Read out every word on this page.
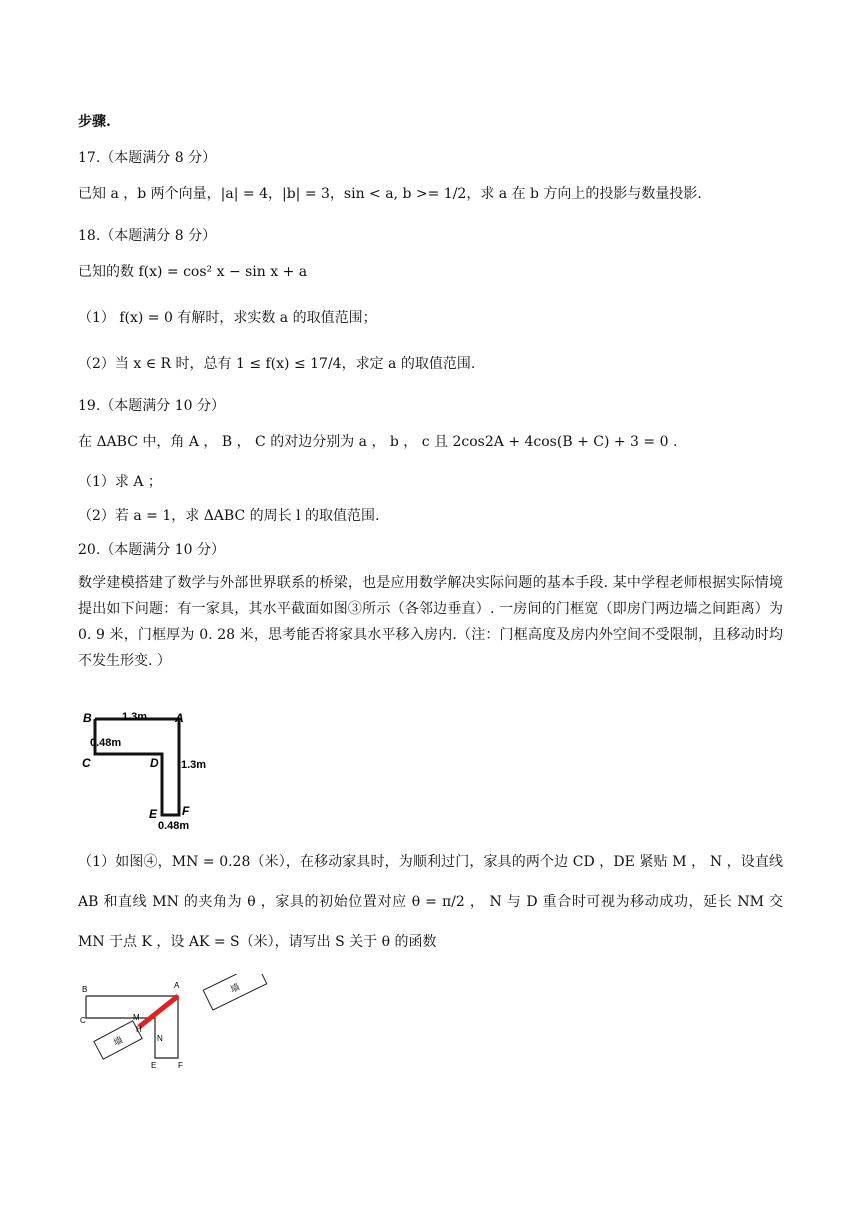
步骤.
17.（本题满分 8 分）
已知 a ，b 两个向量，|a| = 4，|b| = 3，sin < a, b >= 1/2，求 a 在 b 方向上的投影与数量投影.
18.（本题满分 8 分）
已知的数 f(x) = cos² x − sin x + a
（1） f(x) = 0 有解时，求实数 a 的取值范围；
（2）当 x ∈ R 时，总有 1 ≤ f(x) ≤ 17/4，求定 a 的取值范围.
19.（本题满分 10 分）
在 ΔABC 中，角 A ， B ， C 的对边分别为 a ， b ， c 且 2cos2A + 4cos(B + C) + 3 = 0 .
（1）求 A ；
（2）若 a = 1，求 ΔABC 的周长 l 的取值范围.
20.（本题满分 10 分）
数学建模搭建了数学与外部世界联系的桥梁，也是应用数学解决实际问题的基本手段. 某中学程老师根据实际情境提出如下问题：有一家具，其水平截面如图③所示（各邻边垂直）. 一房间的门框宽（即房门两边墙之间距离）为 0. 9 米，门框厚为 0. 28 米，思考能否将家具水平移入房内.（注：门框高度及房内外空间不受限制，且移动时均不发生形变. ）
B	A
1.3m
0.48m
C	D 1.3m
E F
0.48m
（1）如图④，MN = 0.28（米），在移动家具时，为顺利过门，家具的两个边 CD ，DE 紧贴 M ， N ，设直线 AB 和直线 MN 的夹角为 θ ，家具的初始位置对应 θ = π/2 ， N 与 D 重合时可视为移动成功，延长 NM 交 MN 于点 K ，设 AK = S（米），请写出 S 关于 θ 的函数
墙
墙
B	A
C	M
H
N
E	F
